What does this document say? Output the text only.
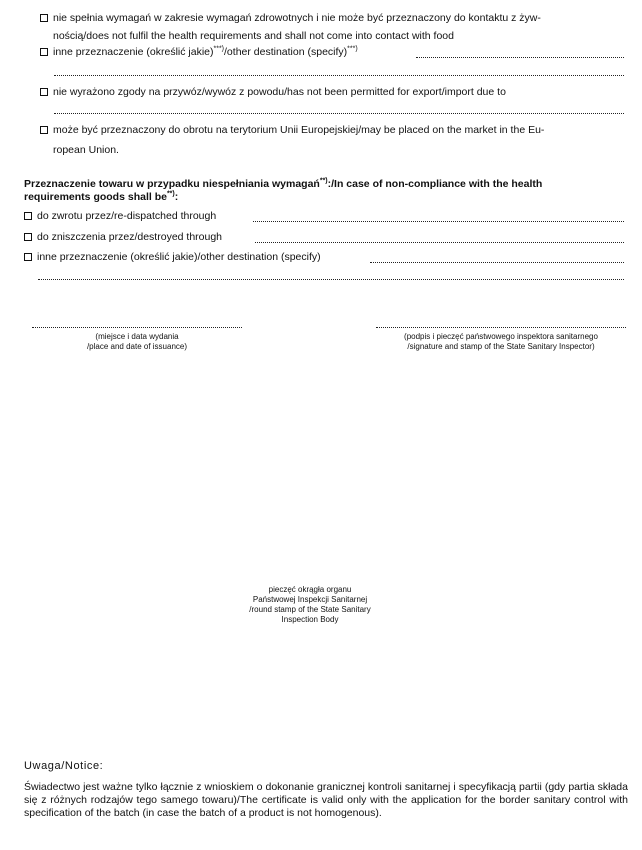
nie spełnia wymagań w zakresie wymagań zdrowotnych i nie może być przeznaczony do kontaktu z żyw-
nością/does not fulfil the health requirements and shall not come into contact with food
inne przeznaczenie (określić jakie)***)/other destination (specify)***)
nie wyrażono zgody na przywóz/wywóz z powodu/has not been permitted for export/import due to
może być przeznaczony do obrotu na terytorium Unii Europejskiej/may be placed on the market in the Eu-
ropean Union.
Przeznaczenie towaru w przypadku niespełniania wymagań**):/In case of non-compliance with the health
requirements goods shall be**):
do zwrotu przez/re-dispatched through
do zniszczenia przez/destroyed through
inne przeznaczenie (określić jakie)/other destination (specify)
(miejsce i data wydania
/place and date of issuance)
(podpis i pieczęć państwowego inspektora sanitarnego
/signature and stamp of the State Sanitary Inspector)
pieczęć okrągła organu
Państwowej Inspekcji Sanitarnej
/round stamp of the State Sanitary
Inspection Body
Uwaga/Notice:
Świadectwo jest ważne tylko łącznie z wnioskiem o dokonanie granicznej kontroli sanitarnej i specyfikacją partii (gdy partia składa się z różnych rodzajów tego samego towaru)/The certificate is valid only with the application for the border sanitary control with specification of the batch (in case the batch of a product is not homogenous).
